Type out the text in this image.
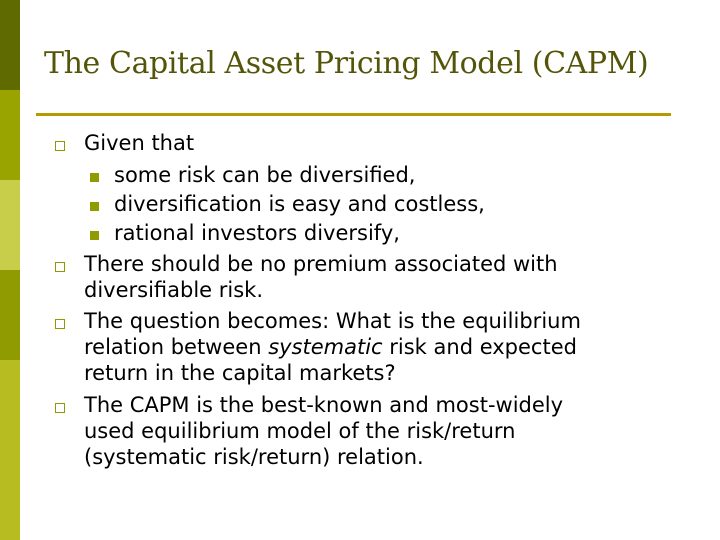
The Capital Asset Pricing Model (CAPM)
Given that
some risk can be diversified,
diversification is easy and costless,
rational investors diversify,
There should be no premium associated with
diversifiable risk.
The question becomes: What is the equilibrium
relation between systematic risk and expected
return in the capital markets?
The CAPM is the best-known and most-widely
used equilibrium model of the risk/return
(systematic risk/return) relation.
